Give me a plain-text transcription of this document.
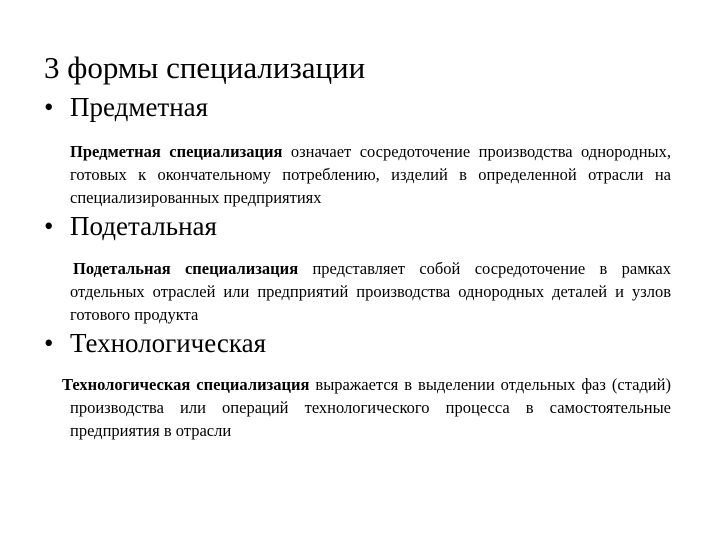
3 формы специализации
• Предметная
Предметная специализация означает сосредоточение производства однородных, готовых к окончательному потреблению, изделий в определенной отрасли на специализированных предприятиях
• Подетальная
Подетальная специализация представляет собой сосредоточение в рамках отдельных отраслей или предприятий производства однородных деталей и узлов готового продукта
• Технологическая
Технологическая специализация выражается в выделении отдельных фаз (стадий) производства или операций технологического процесса в самостоятельные предприятия в отрасли
